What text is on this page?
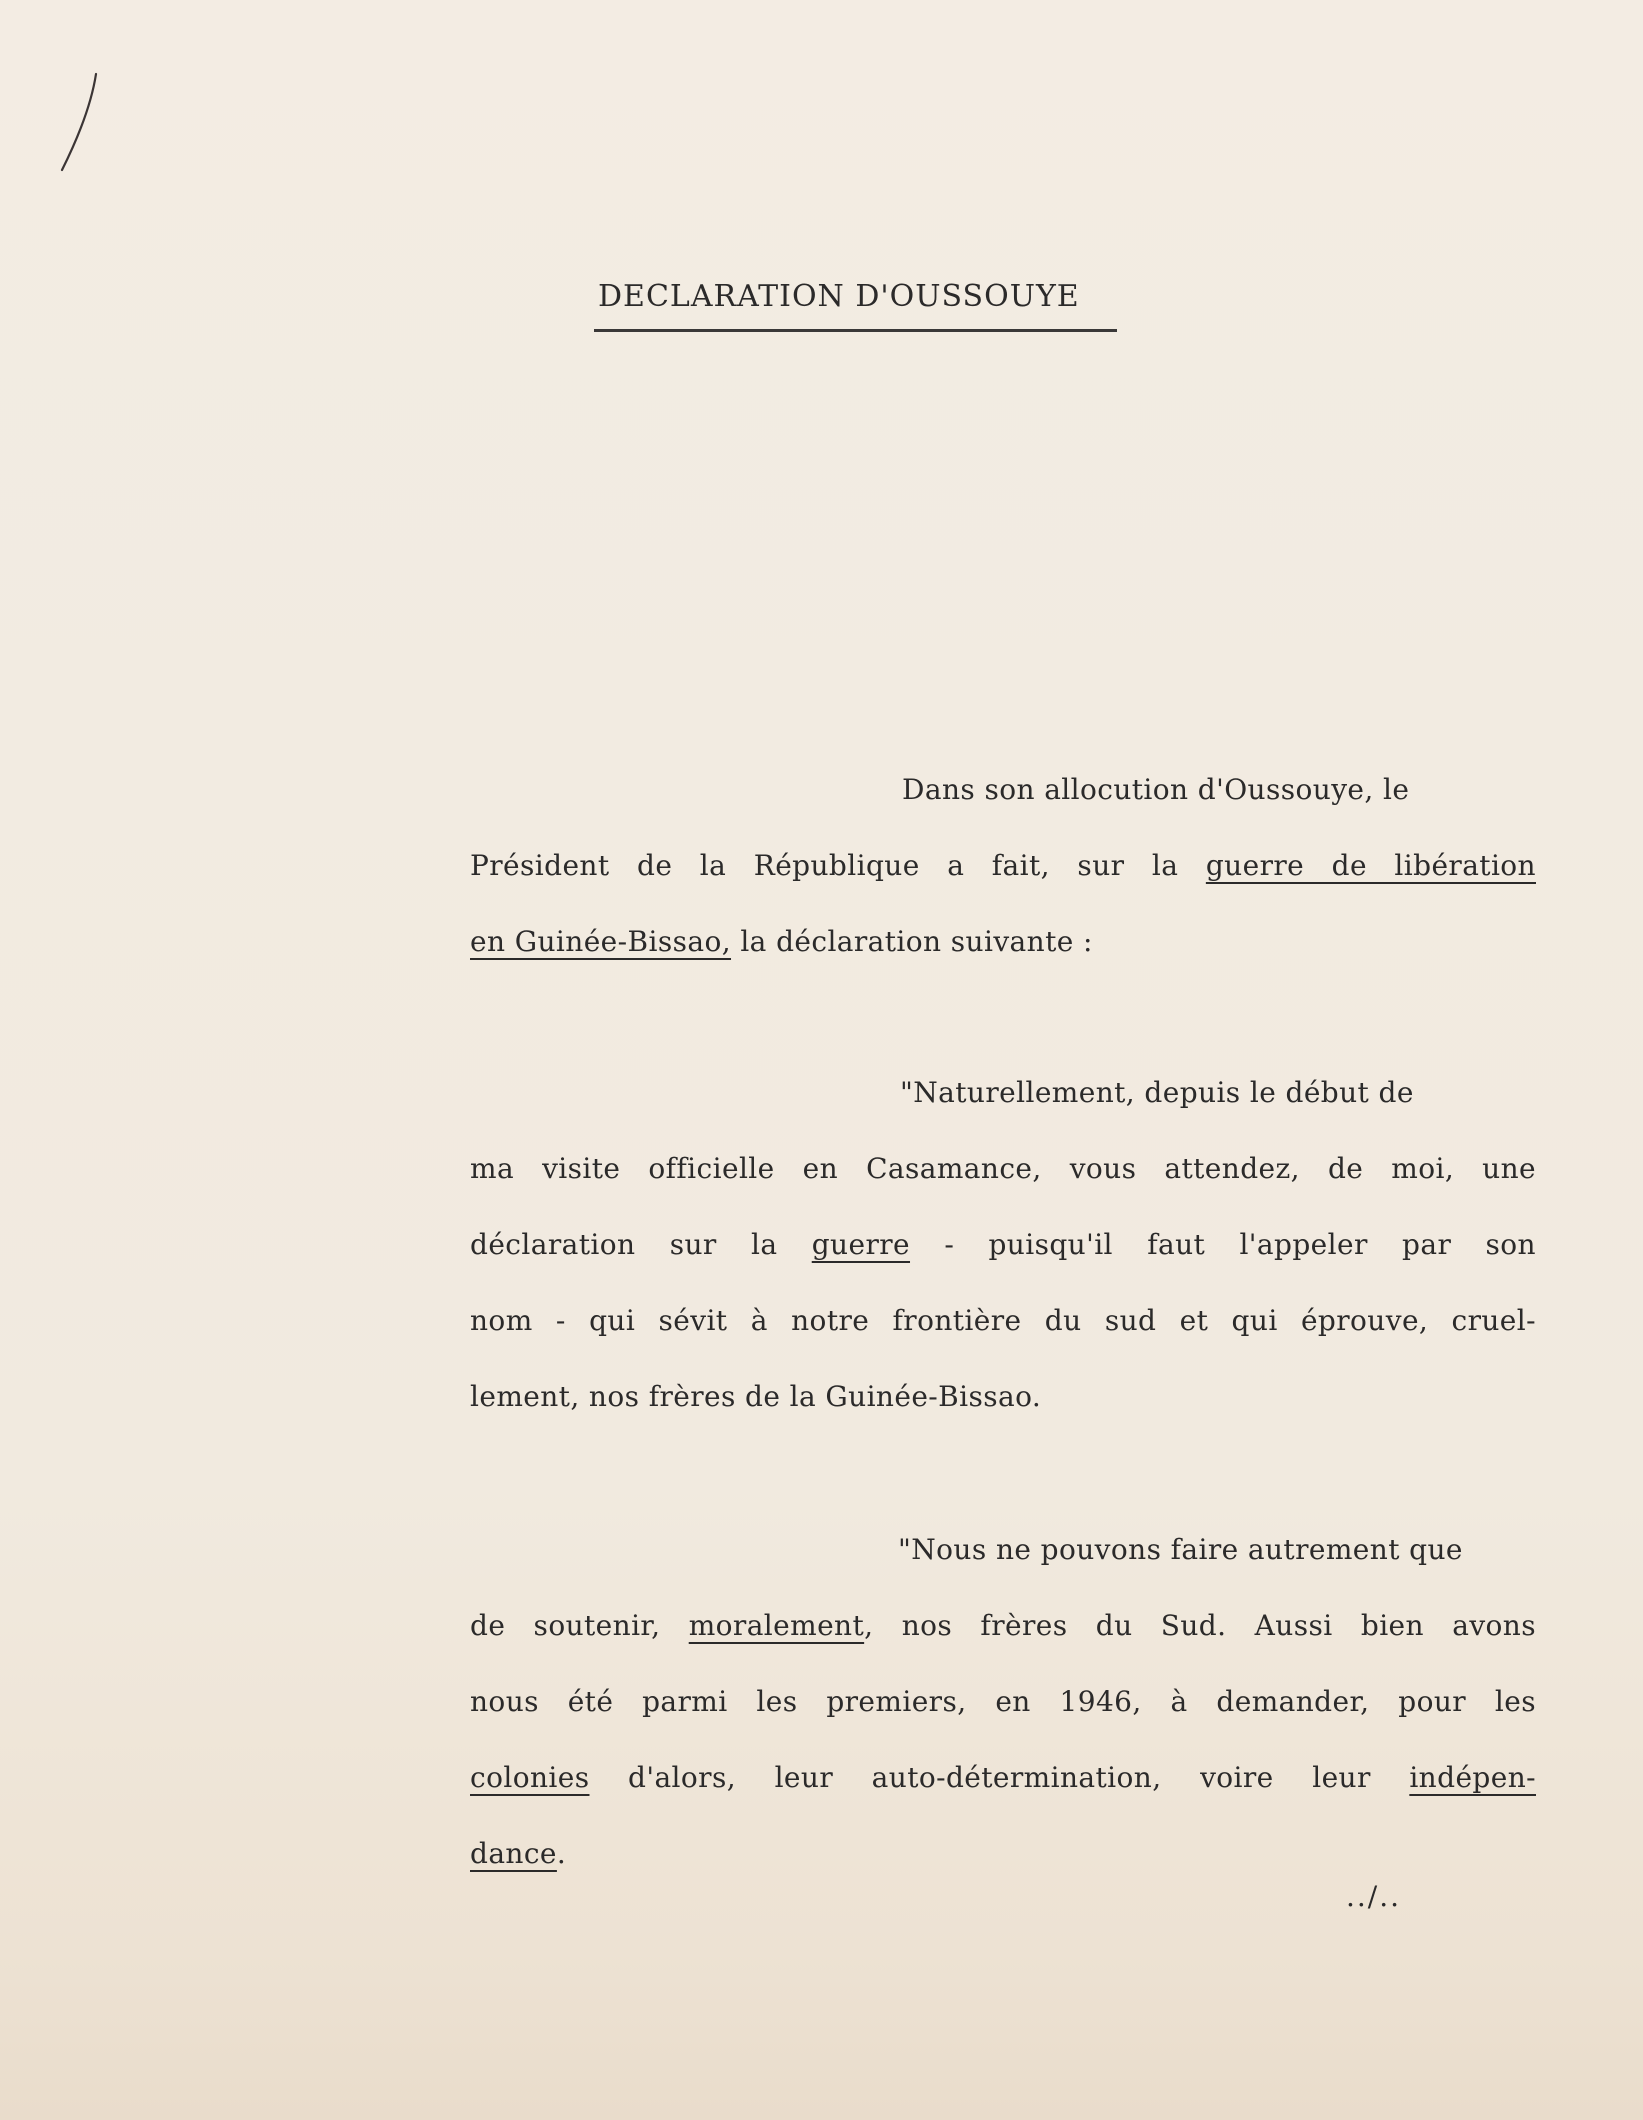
DECLARATION D'OUSSOUYE
Dans son allocution d'Oussouye, le
Président de la République a fait, sur la guerre de libération
en Guinée-Bissao, la déclaration suivante :
"Naturellement, depuis le début de
ma visite officielle en Casamance, vous attendez, de moi, une
déclaration sur la guerre - puisqu'il faut l'appeler par son
nom - qui sévit à notre frontière du sud et qui éprouve, cruel-
lement, nos frères de la Guinée-Bissao.
"Nous ne pouvons faire autrement que
de soutenir, moralement, nos frères du Sud. Aussi bien avons
nous été parmi les premiers, en 1946, à demander, pour les
colonies d'alors, leur auto-détermination, voire leur indépen-
dance.
../..
